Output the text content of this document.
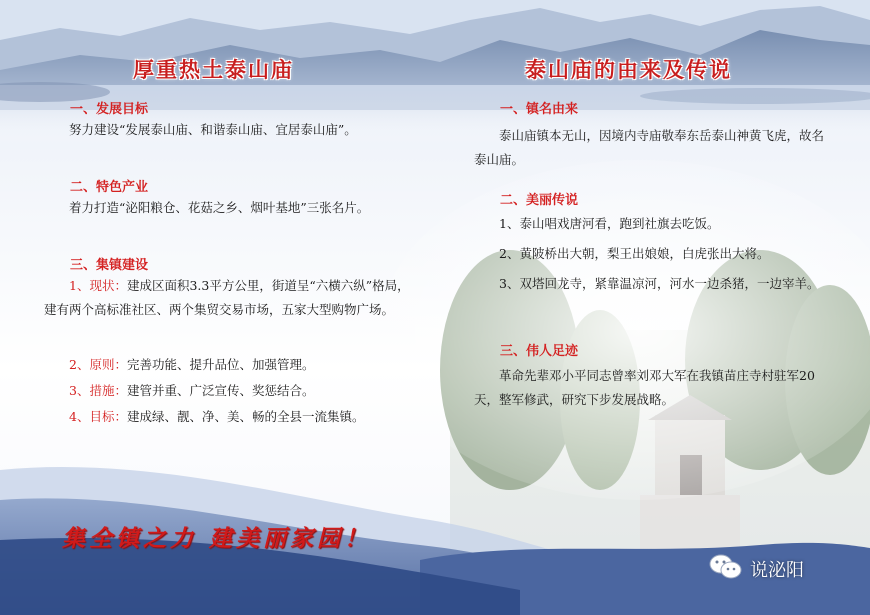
厚重热土泰山庙
一、发展目标
努力建设“发展泰山庙、和谐泰山庙、宜居泰山庙”。
二、特色产业
着力打造“泌阳粮仓、花菇之乡、烟叶基地”三张名片。
三、集镇建设
1、现状：建成区面积3.3平方公里，街道呈“六横六纵”格局，建有两个高标准社区、两个集贸交易市场，五家大型购物广场。
2、原则：完善功能、提升品位、加强管理。
3、措施：建管并重、广泛宣传、奖惩结合。
4、目标：建成绿、靓、净、美、畅的全县一流集镇。
集全镇之力 建美丽家园！
泰山庙的由来及传说
一、镇名由来
泰山庙镇本无山，因境内寺庙敬奉东岳泰山神黄飞虎，故名泰山庙。
二、美丽传说
1、泰山唱戏唐河看，跑到社旗去吃饭。
2、黄陂桥出大朝，梨王出娘娘，白虎张出大将。
3、双塔回龙寺，紧靠温凉河，河水一边杀猪，一边宰羊。
三、伟人足迹
革命先辈邓小平同志曾率刘邓大军在我镇苗庄寺村驻军20天，整军修武，研究下步发展战略。
说泌阳
